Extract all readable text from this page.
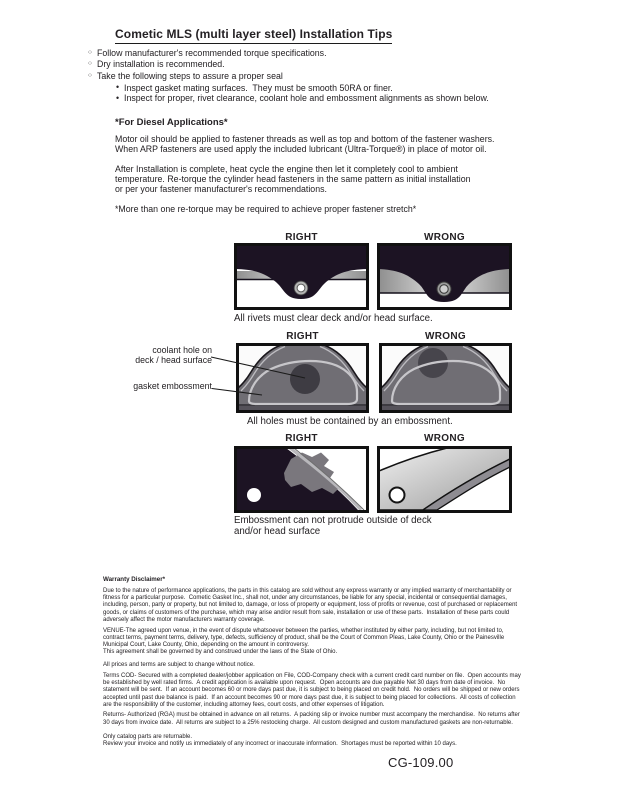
Cometic MLS (multi layer steel) Installation Tips
○ Follow manufacturer's recommended torque specifications.
○ Dry installation is recommended.
○ Take the following steps to assure a proper seal
• Inspect gasket mating surfaces.  They must be smooth 50RA or finer.
• Inspect for proper, rivet clearance, coolant hole and embossment alignments as shown below.
*For Diesel Applications*
Motor oil should be applied to fastener threads as well as top and bottom of the fastener washers.
When ARP fasteners are used apply the included lubricant (Ultra-Torque®) in place of motor oil.
After Installation is complete, heat cycle the engine then let it completely cool to ambient
temperature. Re-torque the cylinder head fasteners in the same pattern as initial installation
or per your fastener manufacturer's recommendations.
*More than one re-torque may be required to achieve proper fastener stretch*
RIGHT	WRONG
All rivets must clear deck and/or head surface.
RIGHT	WRONG
coolant hole on
deck / head surface
gasket embossment
All holes must be contained by an embossment.
RIGHT	WRONG
Embossment can not protrude outside of deck and/or head surface
Warranty Disclaimer*
Due to the nature of performance applications, the parts in this catalog are sold without any express warranty or any implied warranty of merchantability or
fitness for a particular purpose.  Cometic Gasket Inc., shall not, under any circumstances, be liable for any special, incidental or consequential damages,
including, person, party or property, but not limited to, damage, or loss of property or equipment, loss of profits or revenue, cost of purchased or replacement
goods, or claims of customers of the purchase, which may arise and/or result from sale, installation or use of these parts.  Installation of these parts could
adversely affect the motor manufacturers warranty coverage.
VENUE-The agreed upon venue, in the event of dispute whatsoever between the parties, whether instituted by either party, including, but not limited to,
contract terms, payment terms, delivery, type, defects, sufficiency of product, shall be the Court of Common Pleas, Lake County, Ohio or the Painesville
Municipal Court, Lake County, Ohio, depending on the amount in controversy.
This agreement shall be governed by and construed under the laws of the State of Ohio.
All prices and terms are subject to change without notice.
Terms COD- Secured with a completed dealer/jobber application on File, COD-Company check with a current credit card number on file.  Open accounts may
be established by well rated firms.  A credit application is available upon request.  Open accounts are due payable Net 30 days from date of invoice.  No
statement will be sent.  If an account becomes 60 or more days past due, it is subject to being placed on credit hold.  No orders will be shipped or new orders
accepted until past due balance is paid.  If an account becomes 90 or more days past due, it is subject to being placed for collections.  All costs of collection
are the responsibility of the customer, including attorney fees, court costs, and other expenses of litigation.
Returns- Authorized (RGA) must be obtained in advance on all returns.  A packing slip or invoice number must accompany the merchandise.  No returns after
30 days from invoice date.  All returns are subject to a 25% restocking charge.  All custom designed and custom manufactured gaskets are non-returnable.
Only catalog parts are returnable.
Review your invoice and notify us immediately of any incorrect or inaccurate information.  Shortages must be reported within 10 days.
CG-109.00
